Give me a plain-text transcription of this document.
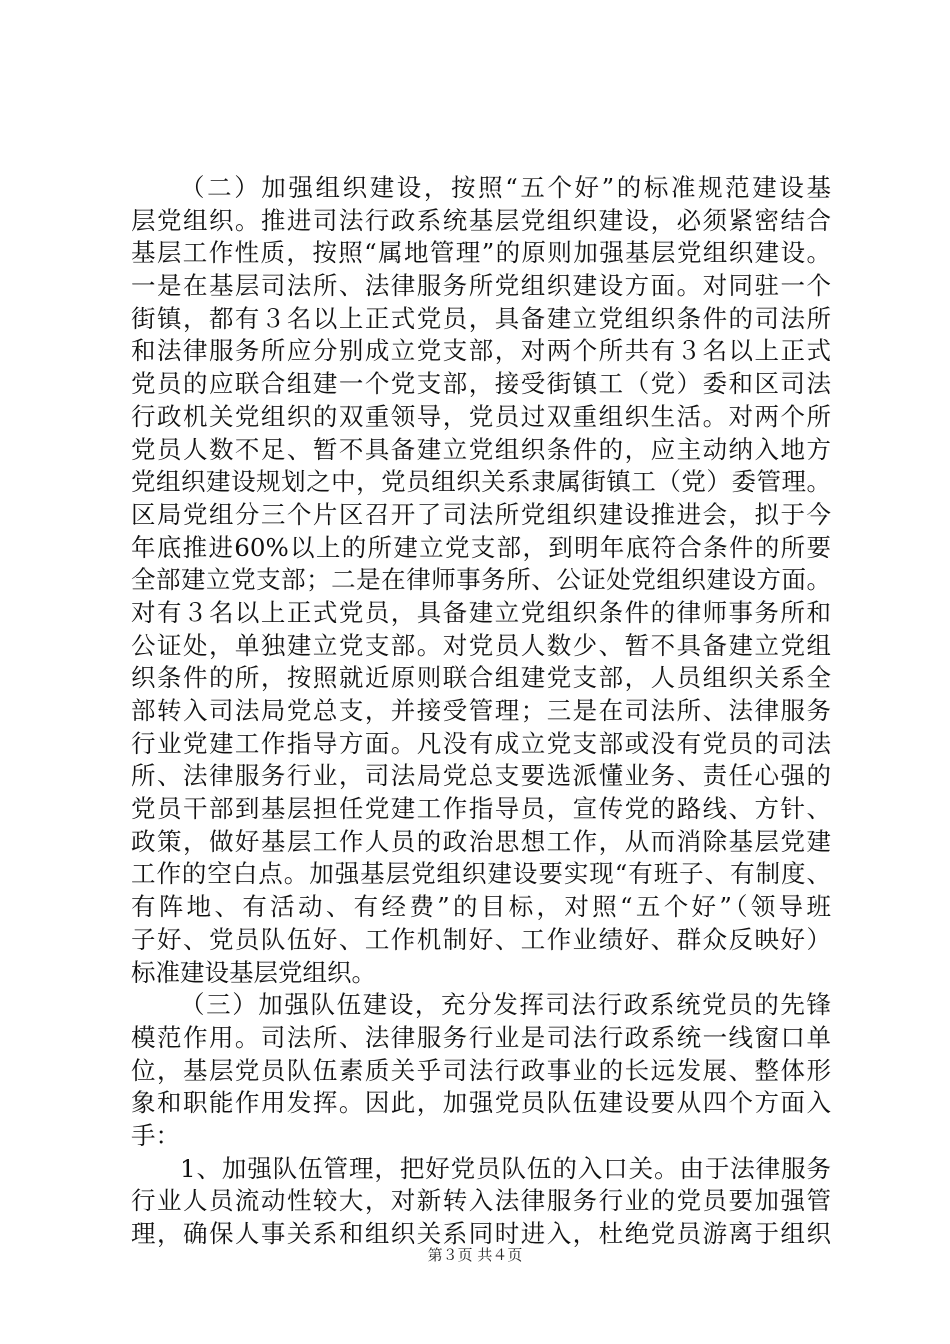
（二）加强组织建设，按照“五个好”的标准规范建设基
层党组织。推进司法行政系统基层党组织建设，必须紧密结合
基层工作性质，按照“属地管理”的原则加强基层党组织建设。
一是在基层司法所、法律服务所党组织建设方面。对同驻一个
街镇，都有３名以上正式党员，具备建立党组织条件的司法所
和法律服务所应分别成立党支部，对两个所共有３名以上正式
党员的应联合组建一个党支部，接受街镇工（党）委和区司法
行政机关党组织的双重领导，党员过双重组织生活。对两个所
党员人数不足、暂不具备建立党组织条件的，应主动纳入地方
党组织建设规划之中，党员组织关系隶属街镇工（党）委管理。
区局党组分三个片区召开了司法所党组织建设推进会，拟于今
年底推进60%以上的所建立党支部，到明年底符合条件的所要
全部建立党支部；二是在律师事务所、公证处党组织建设方面。
对有３名以上正式党员，具备建立党组织条件的律师事务所和
公证处，单独建立党支部。对党员人数少、暂不具备建立党组
织条件的所，按照就近原则联合组建党支部，人员组织关系全
部转入司法局党总支，并接受管理；三是在司法所、法律服务
行业党建工作指导方面。凡没有成立党支部或没有党员的司法
所、法律服务行业，司法局党总支要选派懂业务、责任心强的
党员干部到基层担任党建工作指导员，宣传党的路线、方针、
政策，做好基层工作人员的政治思想工作，从而消除基层党建
工作的空白点。加强基层党组织建设要实现“有班子、有制度、
有阵地、有活动、有经费”的目标，对照“五个好”（领导班
子好、党员队伍好、工作机制好、工作业绩好、群众反映好）
标准建设基层党组织。
（三）加强队伍建设，充分发挥司法行政系统党员的先锋
模范作用。司法所、法律服务行业是司法行政系统一线窗口单
位，基层党员队伍素质关乎司法行政事业的长远发展、整体形
象和职能作用发挥。因此，加强党员队伍建设要从四个方面入
手：
1、加强队伍管理，把好党员队伍的入口关。由于法律服务
行业人员流动性较大，对新转入法律服务行业的党员要加强管
理，确保人事关系和组织关系同时进入，杜绝党员游离于组织
第３页 共４页
